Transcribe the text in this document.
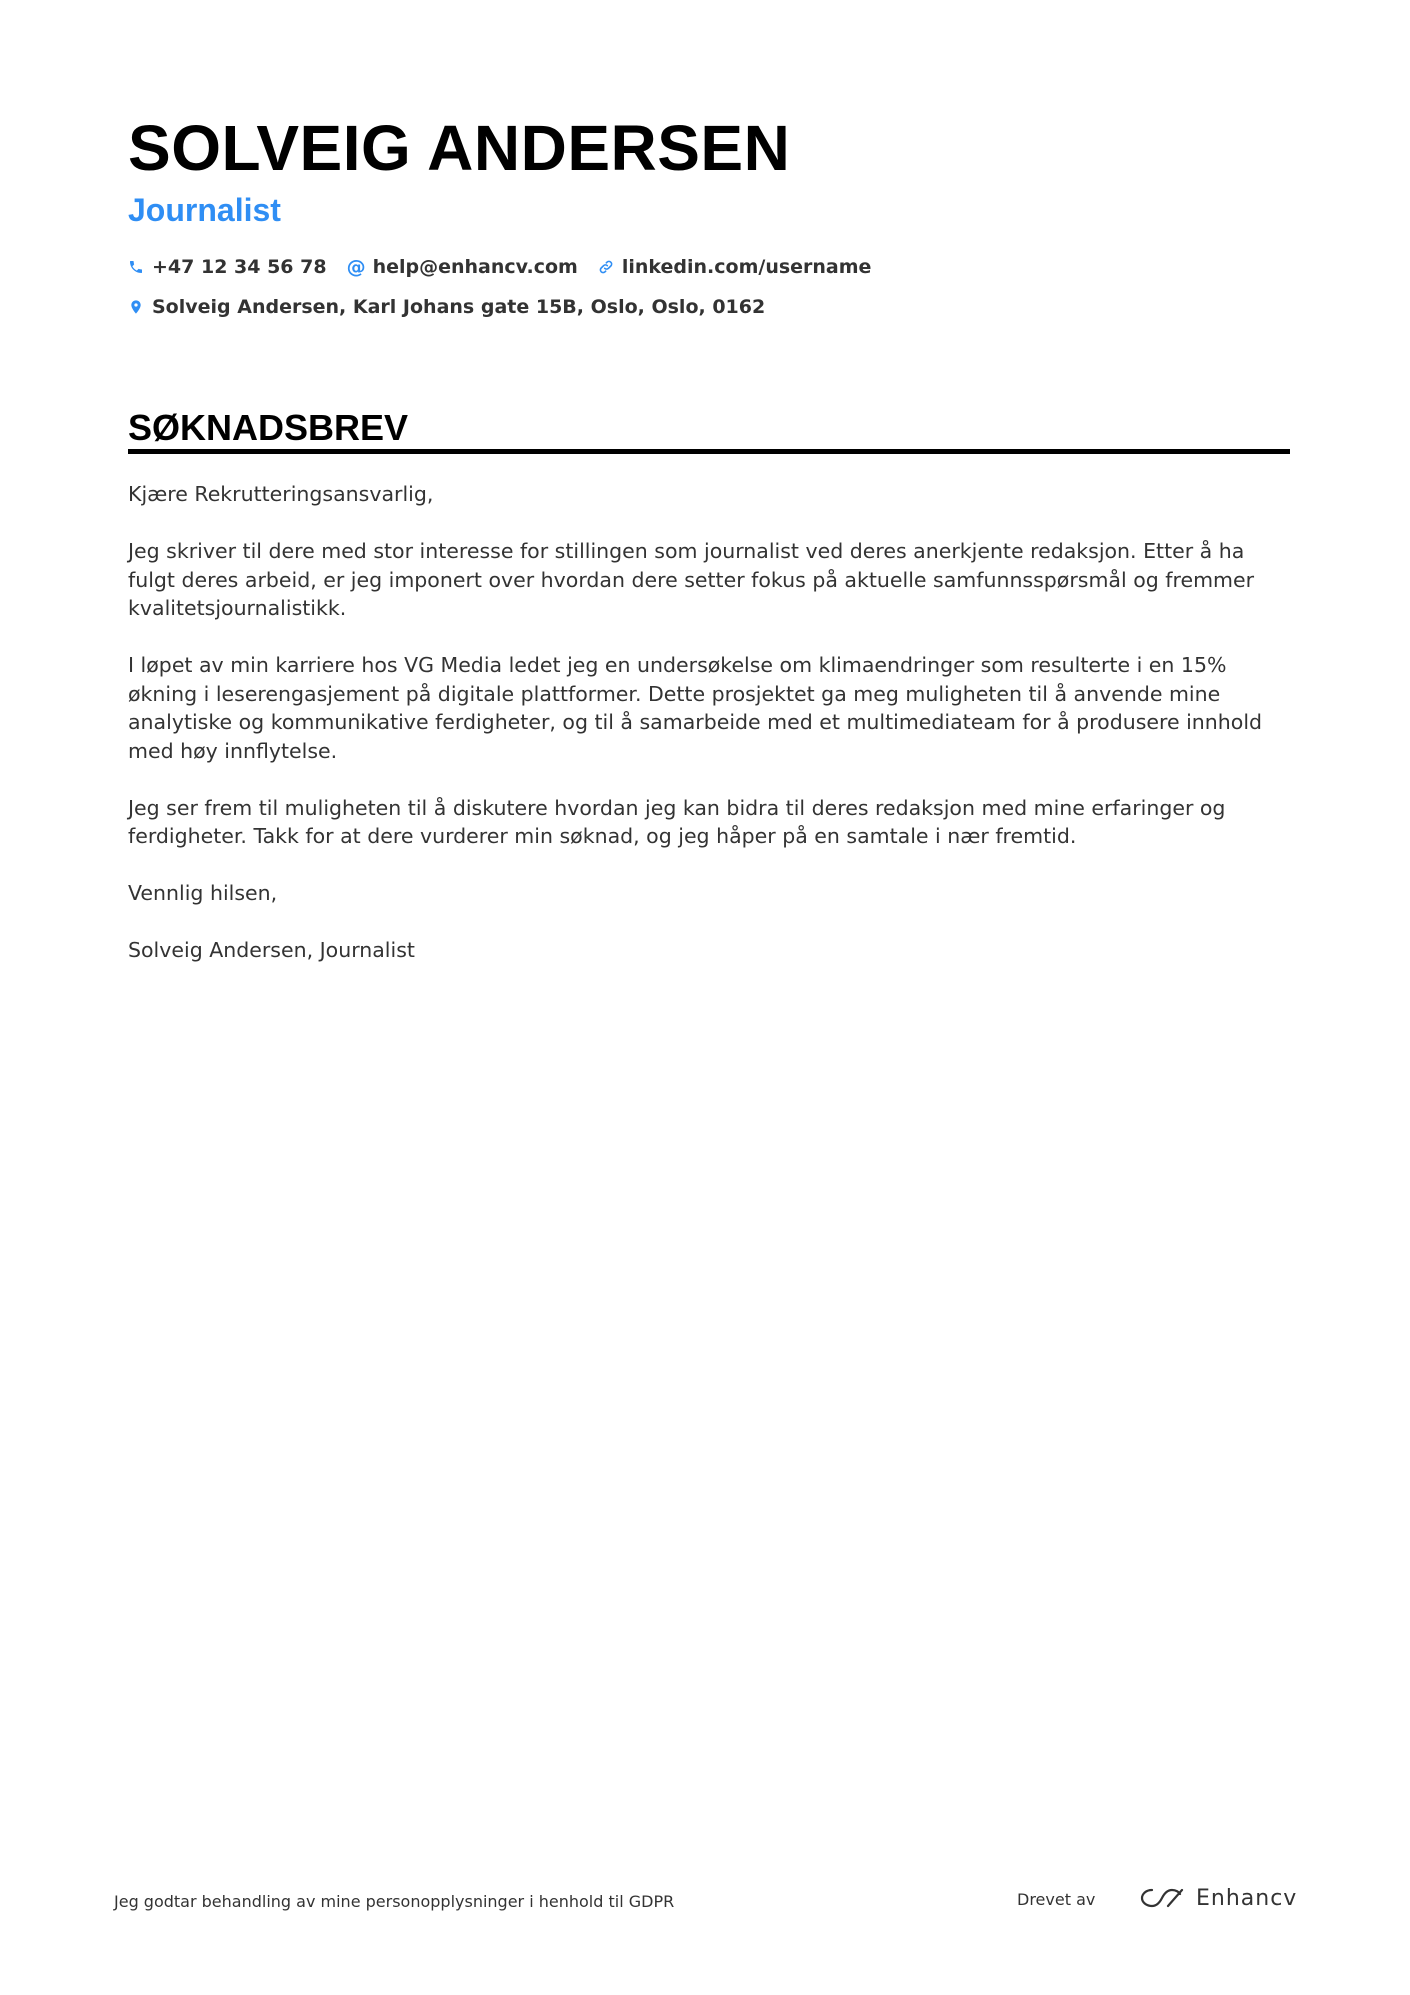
SOLVEIG ANDERSEN
Journalist
+47 12 34 56 78 @ help@enhancv.com linkedin.com/username
Solveig Andersen, Karl Johans gate 15B, Oslo, Oslo, 0162
SØKNADSBREV

Kjære Rekrutteringsansvarlig,

Jeg skriver til dere med stor interesse for stillingen som journalist ved deres anerkjente redaksjon. Etter å ha fulgt deres arbeid, er jeg imponert over hvordan dere setter fokus på aktuelle samfunnsspørsmål og fremmer kvalitetsjournalistikk.

I løpet av min karriere hos VG Media ledet jeg en undersøkelse om klimaendringer som resulterte i en 15% økning i leserengasjement på digitale plattformer. Dette prosjektet ga meg muligheten til å anvende mine analytiske og kommunikative ferdigheter, og til å samarbeide med et multimediateam for å produsere innhold med høy innflytelse.

Jeg ser frem til muligheten til å diskutere hvordan jeg kan bidra til deres redaksjon med mine erfaringer og ferdigheter. Takk for at dere vurderer min søknad, og jeg håper på en samtale i nær fremtid.

Vennlig hilsen,

Solveig Andersen, Journalist

Jeg godtar behandling av mine personopplysninger i henhold til GDPR	Drevet av	Enhancv
